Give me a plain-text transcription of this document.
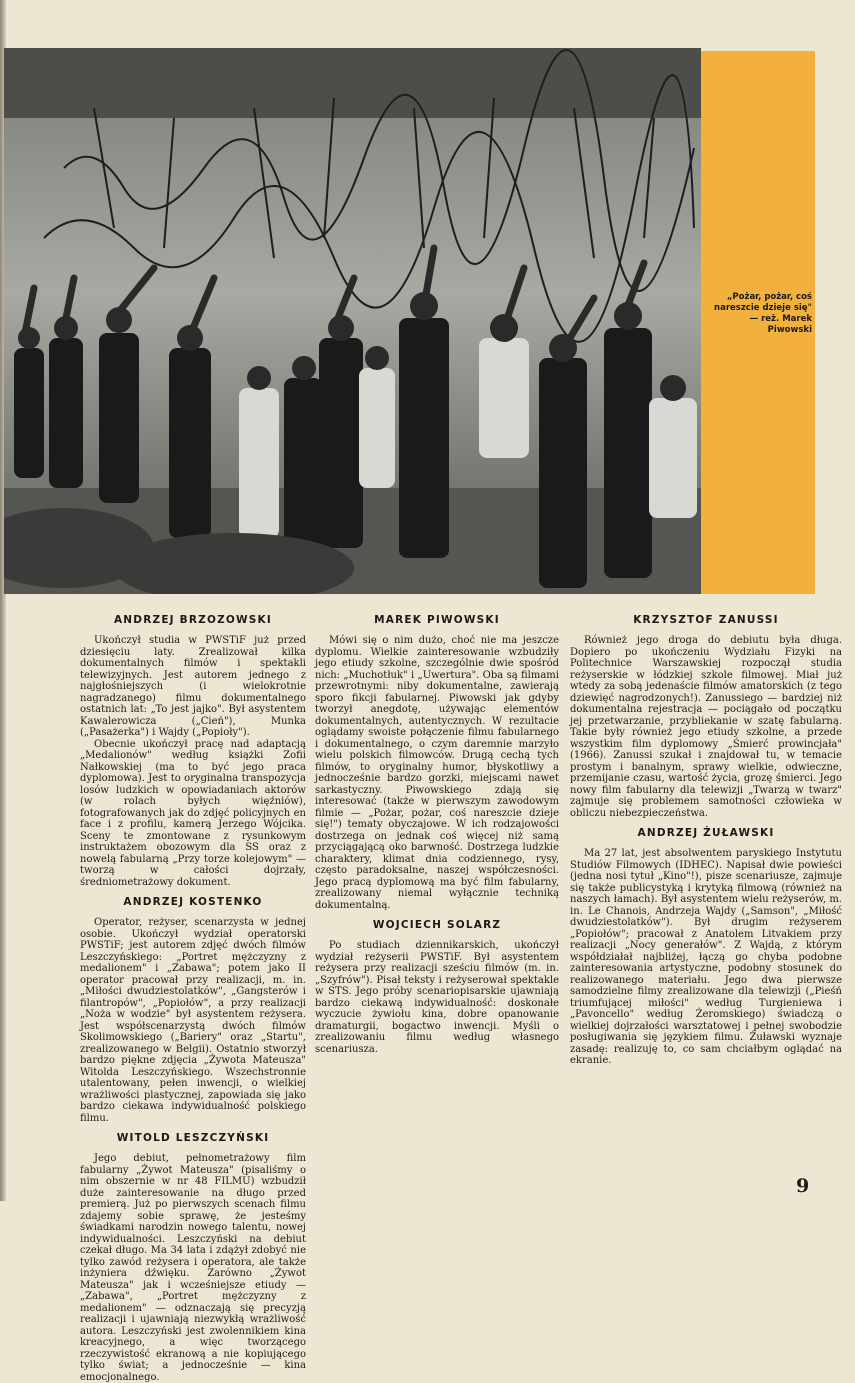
„Pożar, pożar, coś nareszcie dzieje się" — reż. Marek Piwowski

ANDRZEJ BRZOZOWSKI

Ukończył studia w PWSTiF już przed dziesięciu laty. Zrealizował kilka dokumentalnych filmów i spektakli telewizyjnych. Jest autorem jednego z najgłośniejszych (i wielokrotnie nagradzanego) filmu dokumentalnego ostatnich lat: „To jest jajko". Był asystentem Kawalerowicza („Cień"), Munka („Pasażerka") i Wajdy („Popioły").

Obecnie ukończył pracę nad adaptacją „Medalionów" według książki Zofii Nałkowskiej (ma to być jego praca dyplomowa). Jest to oryginalna transpozycja losów ludzkich w opowiadaniach aktorów (w rolach byłych więźniów), fotografowanych jak do zdjęć policyjnych en face i z profilu, kamerą Jerzego Wójcika. Sceny te zmontowane z rysunkowym instruktażem obozowym dla SS oraz z nowelą fabularną „Przy torze kolejowym" — tworzą w całości dojrzały, średniometrażowy dokument.

ANDRZEJ KOSTENKO

Operator, reżyser, scenarzysta w jednej osobie. Ukończył wydział operatorski PWSTiF; jest autorem zdjęć dwóch filmów Leszczyńskiego: „Portret mężczyzny z medalionem" i „Zabawa"; potem jako II operator pracował przy realizacji, m. in. „Miłości dwudziestolatków", „Gangsterów i filantropów", „Popiołów", a przy realizacji „Noża w wodzie" był asystentem reżysera. Jest współscenarzystą dwóch filmów Skolimowskiego („Bariery" oraz „Startu", zrealizowanego w Belgii). Ostatnio stworzył bardzo piękne zdjęcia „Żywota Mateusza" Witolda Leszczyńskiego. Wszechstronnie utalentowany, pełen inwencji, o wielkiej wrażliwości plastycznej, zapowiada się jako bardzo ciekawa indywidualność polskiego filmu.

WITOLD LESZCZYŃSKI

Jego debiut, pełnometrażowy film fabularny „Żywot Mateusza" (pisaliśmy o nim obszernie w nr 48 FILMU) wzbudził duże zainteresowanie na długo przed premierą. Już po pierwszych scenach filmu zdajemy sobie sprawę, że jesteśmy świadkami narodzin nowego talentu, nowej indywidualności. Leszczyński na debiut czekał długo. Ma 34 lata i zdążył zdobyć nie tylko zawód reżysera i operatora, ale także inżyniera dźwięku. Zarówno „Żywot Mateusza" jak i wcześniejsze etiudy — „Zabawa", „Portret mężczyzny z medalionem" — odznaczają się precyzją realizacji i ujawniają niezwykłą wrażliwość autora. Leszczyński jest zwolennikiem kina kreacyjnego, a więc tworzącego rzeczywistość ekranową a nie kopiującego tylko świat; a jednocześnie — kina emocjonalnego.

MAREK PIWOWSKI

Mówi się o nim dużo, choć nie ma jeszcze dyplomu. Wielkie zainteresowanie wzbudziły jego etiudy szkolne, szczególnie dwie spośród nich: „Muchotłuk" i „Uwertura". Oba są filmami przewrotnymi: niby dokumentalne, zawierają sporo fikcji fabularnej. Piwowski jak gdyby tworzył anegdotę, używając elementów dokumentalnych, autentycznych. W rezultacie oglądamy swoiste połączenie filmu fabularnego i dokumentalnego, o czym daremnie marzyło wielu polskich filmowców. Drugą cechą tych filmów, to oryginalny humor, błyskotliwy a jednocześnie bardzo gorzki, miejscami nawet sarkastyczny. Piwowskiego zdają się interesować (także w pierwszym zawodowym filmie — „Pożar, pożar, coś nareszcie dzieje się!") tematy obyczajowe. W ich rodzajowości dostrzega on jednak coś więcej niż samą przyciągającą oko barwność. Dostrzega ludzkie charaktery, klimat dnia codziennego, rysy, często paradoksalne, naszej współczesności. Jego pracą dyplomową ma być film fabularny, zrealizowany niemal wyłącznie techniką dokumentalną.

WOJCIECH SOLARZ

Po studiach dziennikarskich, ukończył wydział reżyserii PWSTiF. Był asystentem reżysera przy realizacji sześciu filmów (m. in. „Szyfrów"). Pisał teksty i reżyserował spektakle w STS. Jego próby scenariopisarskie ujawniają bardzo ciekawą indywidualność: doskonałe wyczucie żywiołu kina, dobre opanowanie dramaturgii, bogactwo inwencji. Myśli o zrealizowaniu filmu według własnego scenariusza.

KRZYSZTOF ZANUSSI

Również jego droga do debiutu była długa. Dopiero po ukończeniu Wydziału Fizyki na Politechnice Warszawskiej rozpoczął studia reżyserskie w łódzkiej szkole filmowej. Miał już wtedy za sobą jedenaście filmów amatorskich (z tego dziewięć nagrodzonych!). Zanussiego — bardziej niż dokumentalna rejestracja — pociągało od początku jej przetwarzanie, przybliekanie w szatę fabularną. Takie były również jego etiudy szkolne, a przede wszystkim film dyplomowy „Śmierć prowincjała" (1966). Zanussi szukał i znajdował tu, w temacie prostym i banalnym, sprawy wielkie, odwieczne, przemijanie czasu, wartość życia, grozę śmierci. Jego nowy film fabularny dla telewizji „Twarzą w twarz" zajmuje się problemem samotności człowieka w obliczu niebezpieczeństwa.

ANDRZEJ ŻUŁAWSKI

Ma 27 lat, jest absolwentem paryskiego Instytutu Studiów Filmowych (IDHEC). Napisał dwie powieści (jedna nosi tytuł „Kino"!), pisze scenariusze, zajmuje się także publicystyką i krytyką filmową (również na naszych łamach). Był asystentem wielu reżyserów, m. in. Le Chanois, Andrzeja Wajdy („Samson", „Miłość dwudziestolatków"). Był drugim reżyserem „Popiołów"; pracował z Anatolem Litvakiem przy realizacji „Nocy generałów". Z Wajdą, z którym współdziałał najbliżej, łączą go chyba podobne zainteresowania artystyczne, podobny stosunek do realizowanego materiału. Jego dwa pierwsze samodzielne filmy zrealizowane dla telewizji („Pieśń triumfującej miłości" według Turgieniewa i „Pavoncello" według Żeromskiego) świadczą o wielkiej dojrzałości warsztatowej i pełnej swobodzie posługiwania się językiem filmu. Żuławski wyznaje zasadę: realizuję to, co sam chciałbym oglądać na ekranie.

9
